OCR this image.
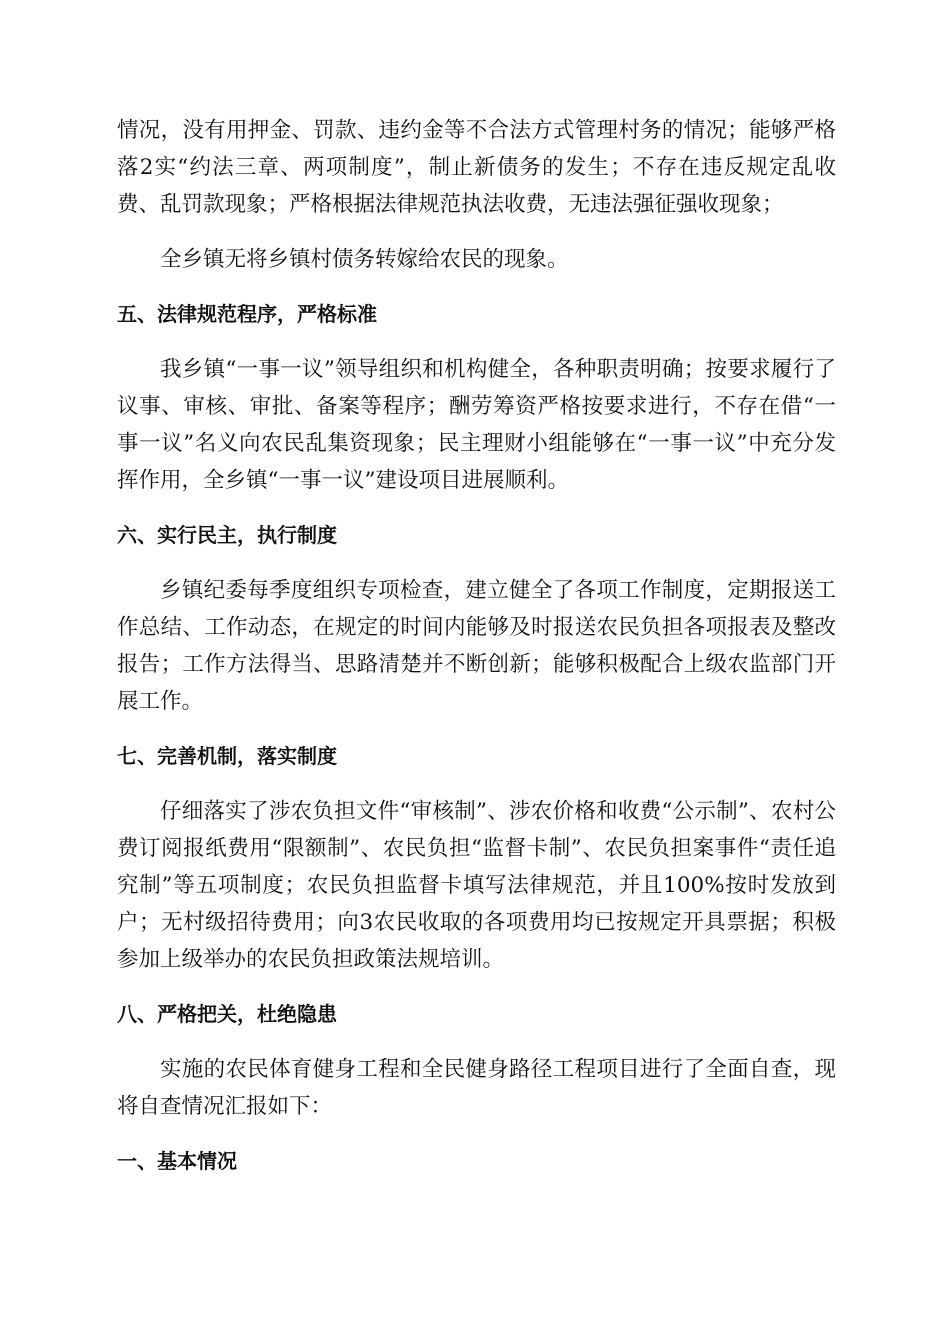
情况，没有用押金、罚款、违约金等不合法方式管理村务的情况；能够严格落2实“约法三章、两项制度”，制止新债务的发生；不存在违反规定乱收费、乱罚款现象；严格根据法律规范执法收费，无违法强征强收现象；

全乡镇无将乡镇村债务转嫁给农民的现象。

五、法律规范程序，严格标准

我乡镇“一事一议”领导组织和机构健全，各种职责明确；按要求履行了议事、审核、审批、备案等程序；酬劳筹资严格按要求进行，不存在借“一事一议”名义向农民乱集资现象；民主理财小组能够在“一事一议”中充分发挥作用，全乡镇“一事一议”建设项目进展顺利。

六、实行民主，执行制度

乡镇纪委每季度组织专项检查，建立健全了各项工作制度，定期报送工作总结、工作动态，在规定的时间内能够及时报送农民负担各项报表及整改报告；工作方法得当、思路清楚并不断创新；能够积极配合上级农监部门开展工作。

七、完善机制，落实制度

仔细落实了涉农负担文件“审核制”、涉农价格和收费“公示制”、农村公费订阅报纸费用“限额制”、农民负担“监督卡制”、农民负担案事件“责任追究制”等五项制度；农民负担监督卡填写法律规范，并且100%按时发放到户；无村级招待费用；向3农民收取的各项费用均已按规定开具票据；积极参加上级举办的农民负担政策法规培训。

八、严格把关，杜绝隐患

实施的农民体育健身工程和全民健身路径工程项目进行了全面自查，现将自查情况汇报如下：

一、基本情况
